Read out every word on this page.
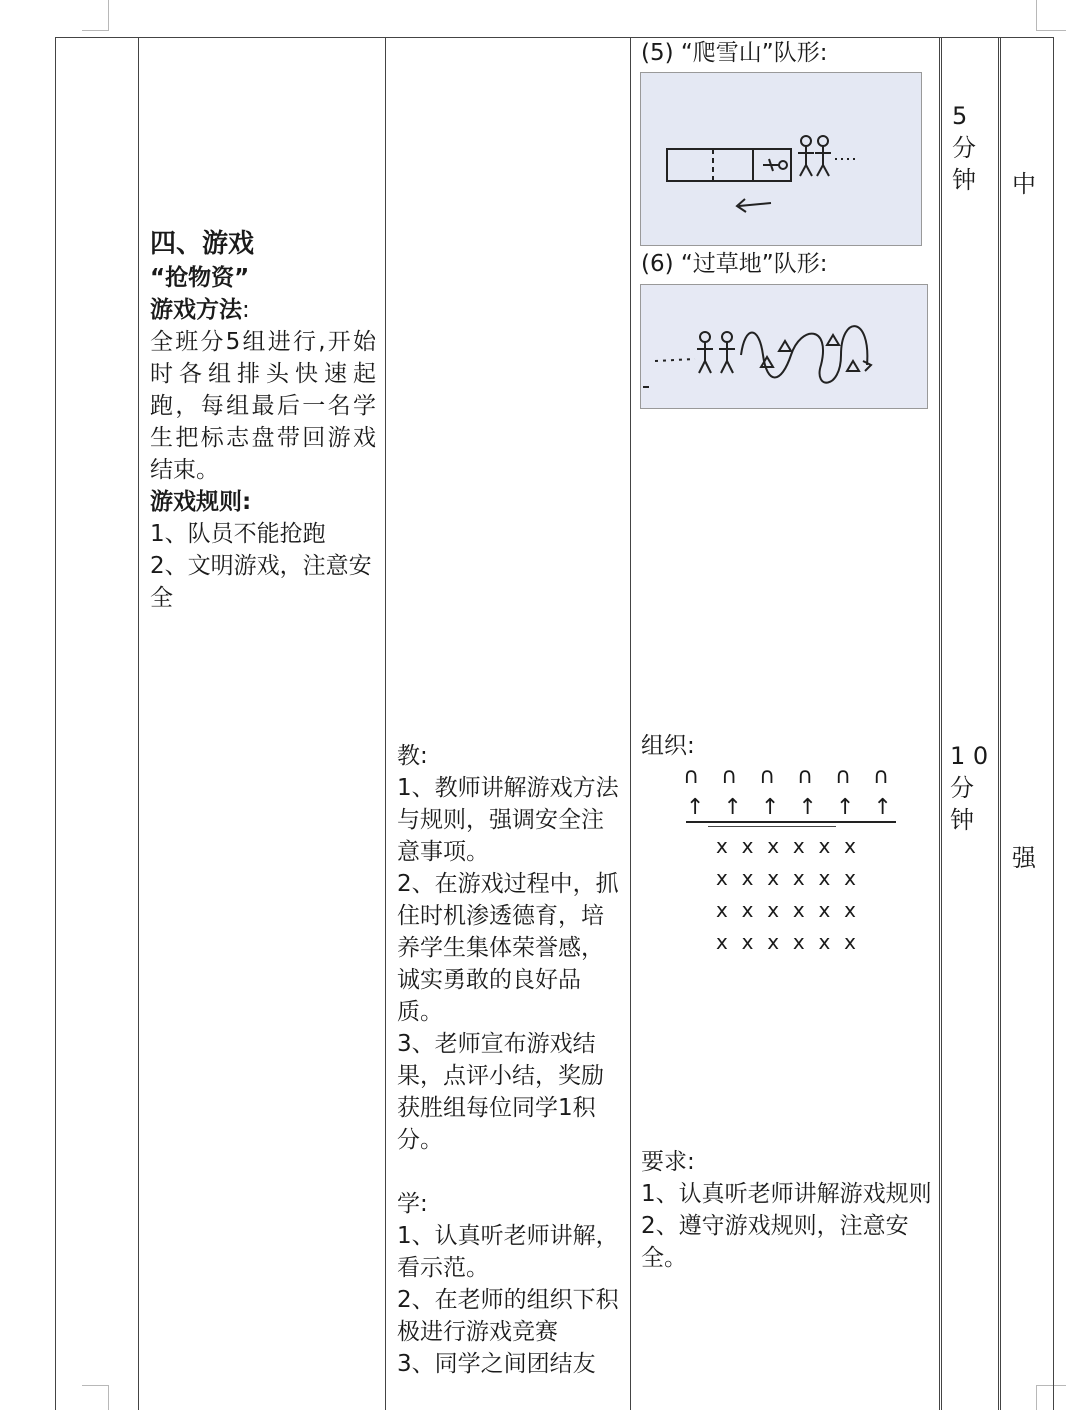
四、游戏
“抢物资”
游戏方法:
全班分5组进行,开始时各组排头快速起跑，每组最后一名学生把标志盘带回游戏结束。
游戏规则:
1、队员不能抢跑
2、文明游戏，注意安全
教:
1、教师讲解游戏方法与规则，强调安全注意事项。
2、在游戏过程中，抓住时机渗透德育，培养学生集体荣誉感，诚实勇敢的良好品质。
3、老师宣布游戏结果，点评小结，奖励获胜组每位同学1积分。
学:
1、认真听老师讲解，看示范。
2、在老师的组织下积极进行游戏竞赛
3、同学之间团结友
(5) “爬雪山”队形:
(6) “过草地”队形:
组织:
∩ ∩ ∩ ∩ ∩ ∩
↑ ↑ ↑ ↑ ↑ ↑
x x x x x x
x x x x x x
x x x x x x
x x x x x x
要求:
1、认真听老师讲解游戏规则
2、遵守游戏规则，注意安全。
5
分
钟
1 0
分
钟
中
强
